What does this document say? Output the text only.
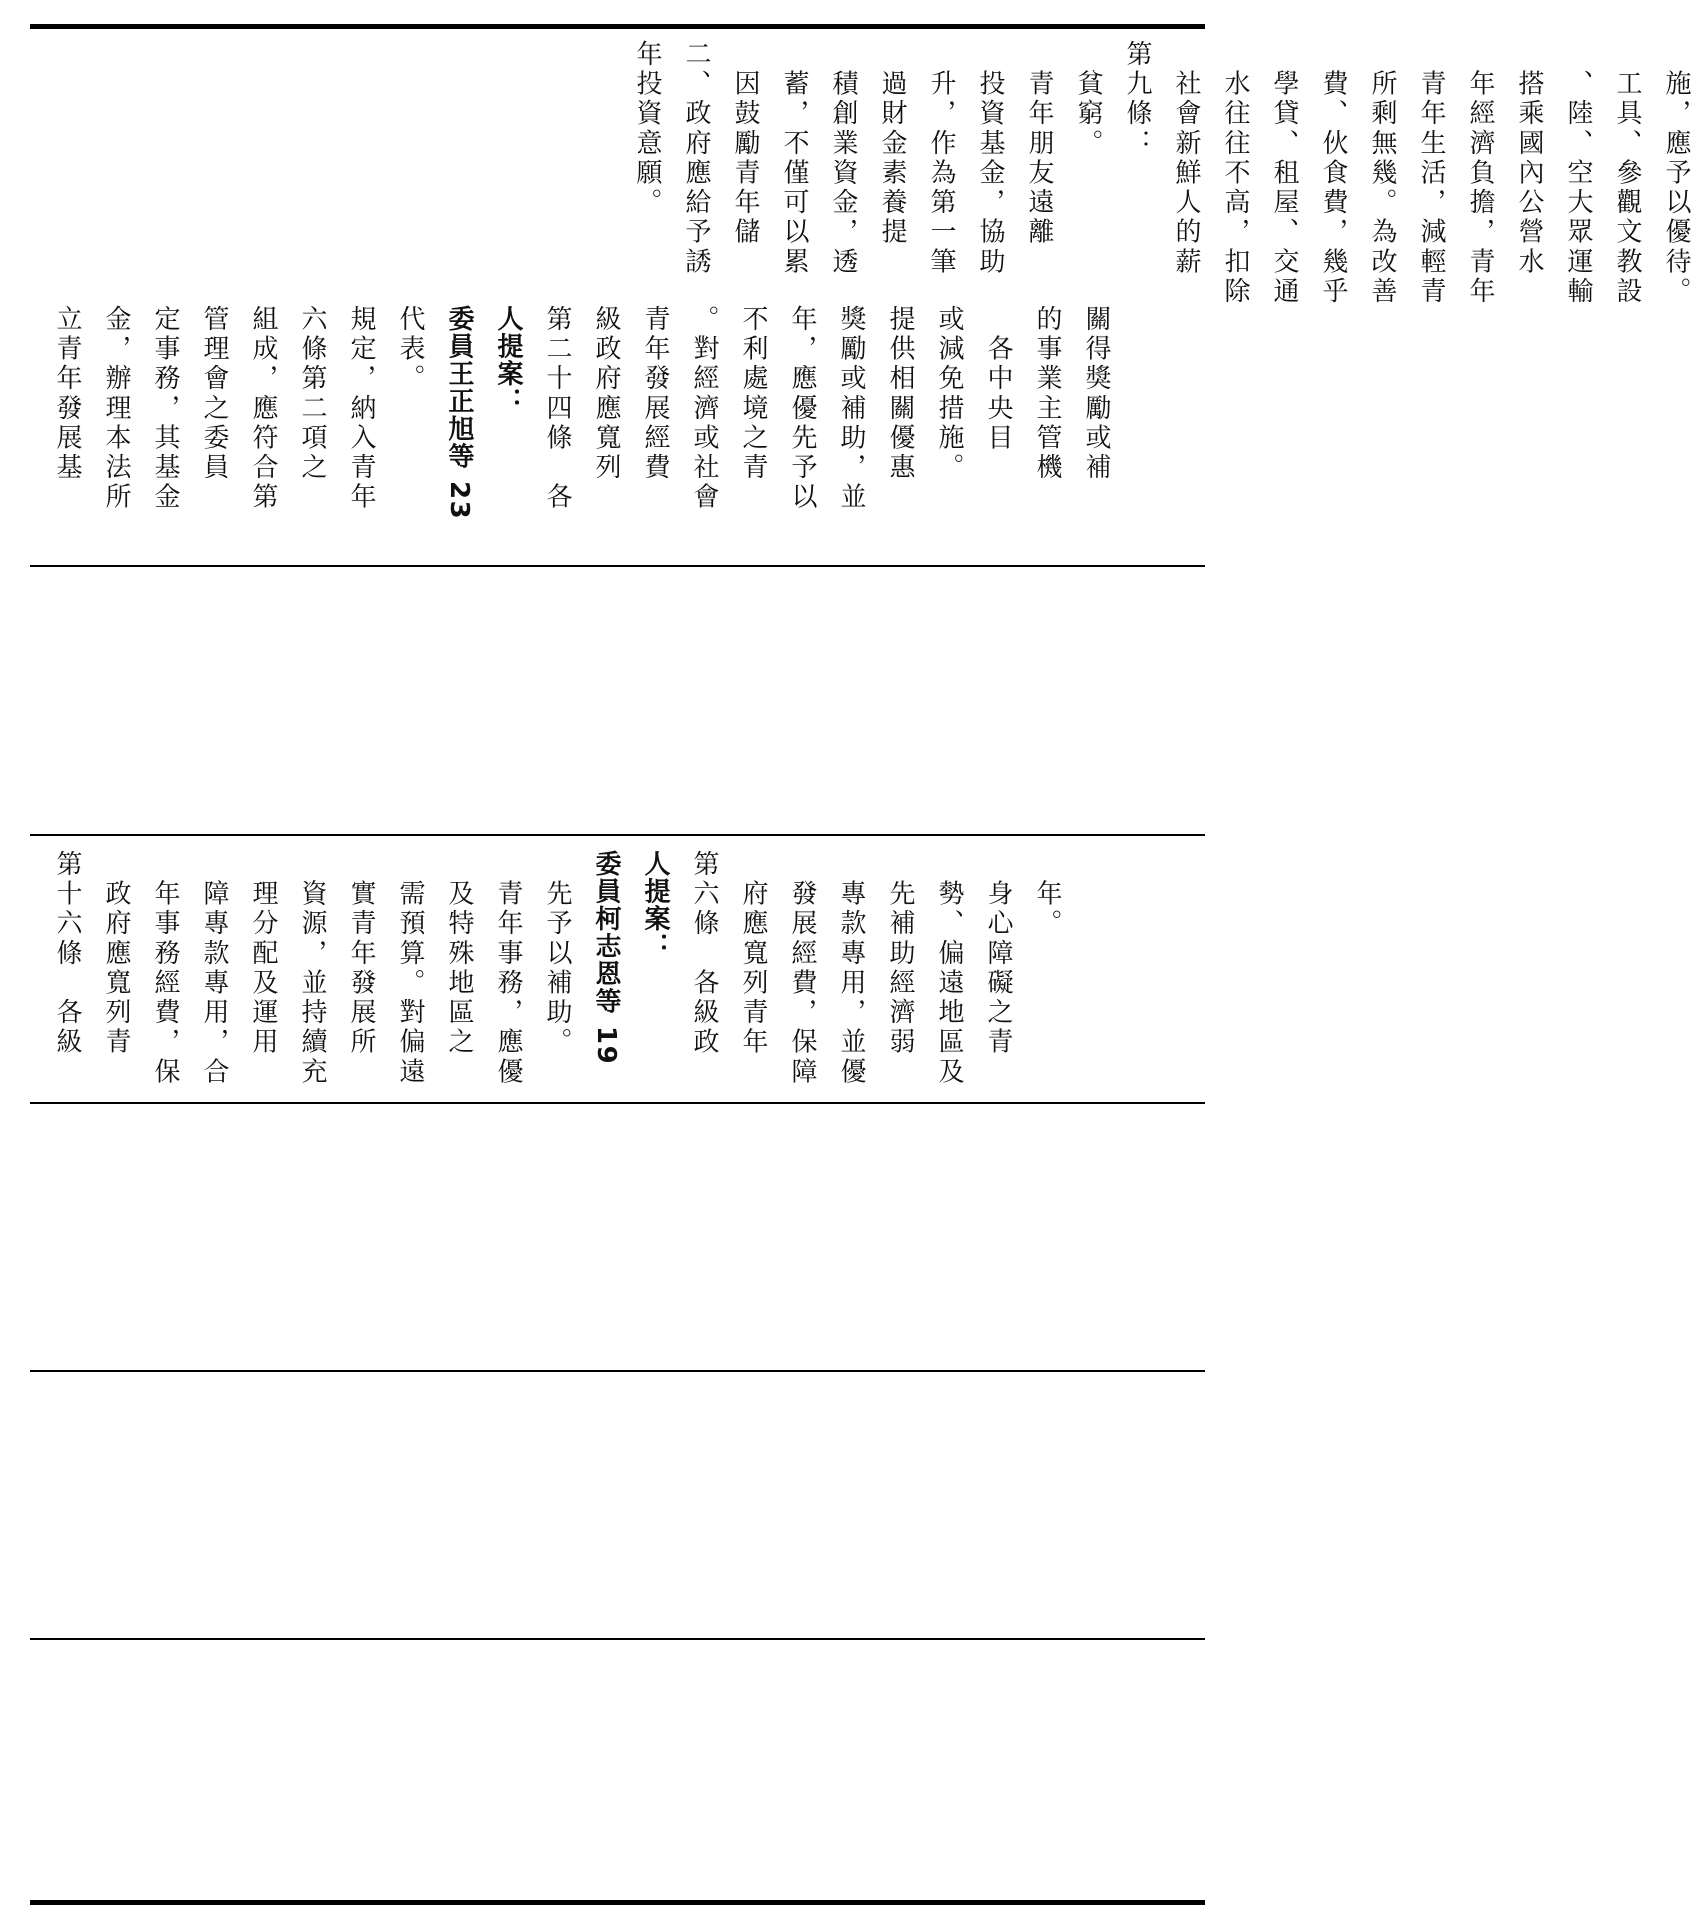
年投資意願。 二、政府應給予誘 　因鼓勵青年儲 　蓄，不僅可以累 　積創業資金，透 　過財金素養提 　升，作為第一筆 　投資基金，協助 　青年朋友遠離 　貧窮。 第九條： 　社會新鮮人的薪 　水往往不高，扣除 　學貸、租屋、交通 　費、伙食費，幾乎 　所剩無幾。為改善 　青年生活，減輕青 　年經濟負擔，青年 　搭乘國內公營水 　、陸、空大眾運輸 　工具、參觀文教設 　施，應予以優待。
立青年發展基 金，辦理本法所 定事務，其基金 管理會之委員 組成，應符合第 六條第二項之 規定，納入青年 代表。 委員王正旭等 23 人提案： 第二十四條　各 級政府應寬列 青年發展經費 。對經濟或社會 不利處境之青 年，應優先予以 獎勵或補助，並 提供相關優惠 或減免措施。 　各中央目 的事業主管機 關得獎勵或補
第十六條　各級 　政府應寬列青 　年事務經費，保 　障專款專用，合 　理分配及運用 　資源，並持續充 　實青年發展所 　需預算。對偏遠 　及特殊地區之 　青年事務，應優 　先予以補助。 委員柯志恩等 19 人提案： 第六條　各級政 　府應寬列青年 　發展經費，保障 　專款專用，並優 　先補助經濟弱 　勢、偏遠地區及 　身心障礙之青 　年。
